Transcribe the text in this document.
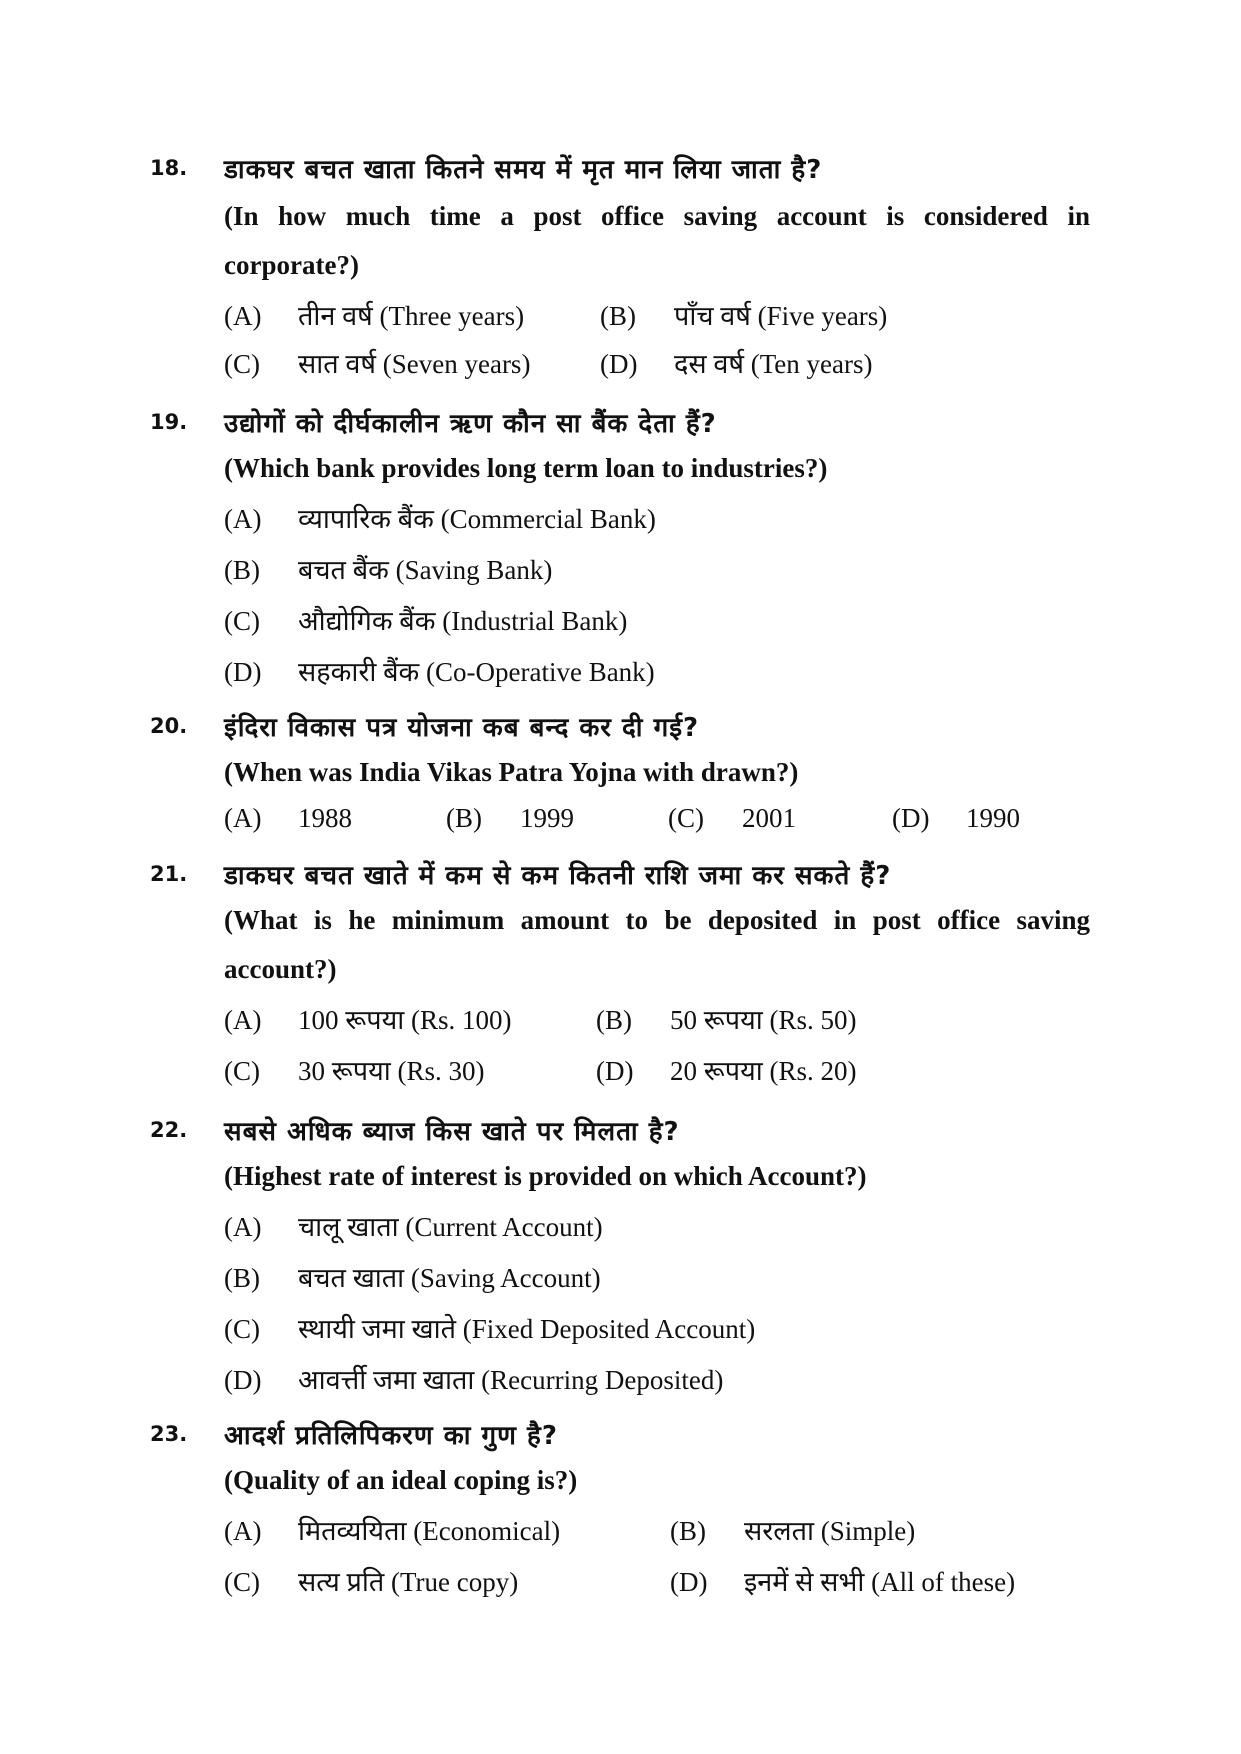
18. डाकघर बचत खाता कितने समय में मृत मान लिया जाता है?
(In how much time a post office saving account is considered in corporate?)
(A) तीन वर्ष (Three years)	(B) पाँच वर्ष (Five years)
(C) सात वर्ष (Seven years)	(D) दस वर्ष (Ten years)
19. उद्योगों को दीर्घकालीन ऋण कौन सा बैंक देता हैं?
(Which bank provides long term loan to industries?)
(A) व्यापारिक बैंक (Commercial Bank)
(B) बचत बैंक (Saving Bank)
(C) औद्योगिक बैंक (Industrial Bank)
(D) सहकारी बैंक (Co-Operative Bank)
20. इंदिरा विकास पत्र योजना कब बन्द कर दी गई?
(When was India Vikas Patra Yojna with drawn?)
(A) 1988	(B) 1999	(C) 2001	(D) 1990
21. डाकघर बचत खाते में कम से कम कितनी राशि जमा कर सकते हैं?
(What is he minimum amount to be deposited in post office saving account?)
(A) 100 रूपया (Rs. 100)	(B) 50 रूपया (Rs. 50)
(C) 30 रूपया (Rs. 30)	(D) 20 रूपया (Rs. 20)
22. सबसे अधिक ब्याज किस खाते पर मिलता है?
(Highest rate of interest is provided on which Account?)
(A) चालू खाता (Current Account)
(B) बचत खाता (Saving Account)
(C) स्थायी जमा खाते (Fixed Deposited Account)
(D) आवर्त्ती जमा खाता (Recurring Deposited)
23. आदर्श प्रतिलिपिकरण का गुण है?
(Quality of an ideal coping is?)
(A) मितव्ययिता (Economical)	(B) सरलता (Simple)
(C) सत्य प्रति (True copy)	(D) इनमें से सभी (All of these)
